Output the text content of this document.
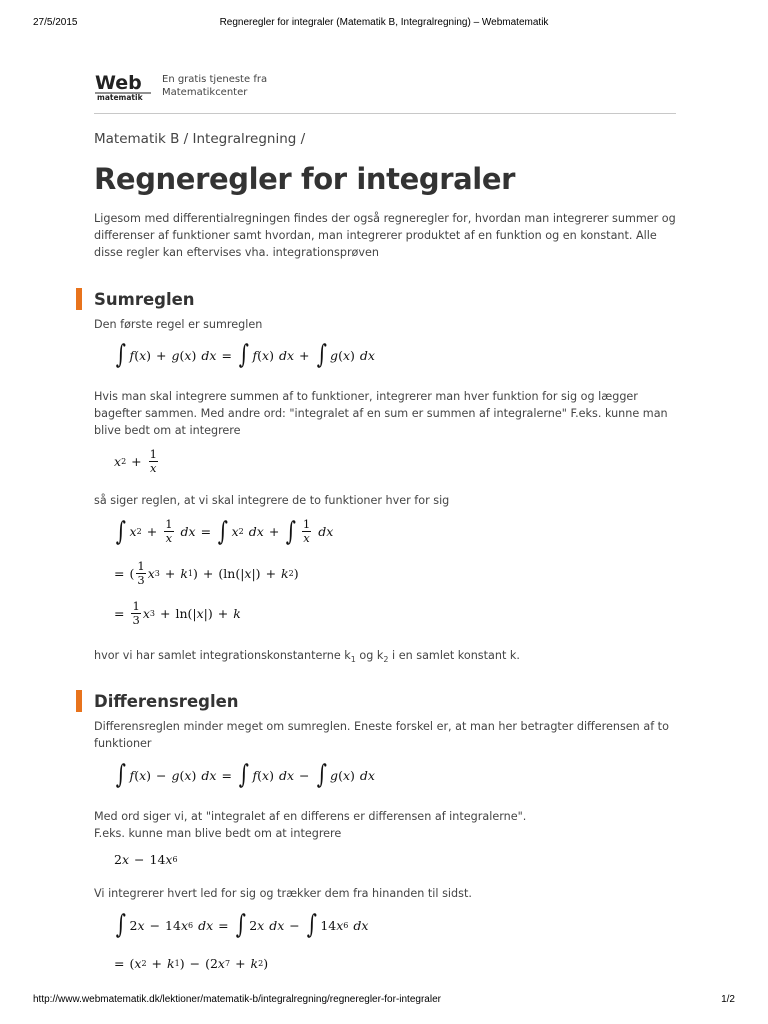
27/5/2015	Regneregler for integraler (Matematik B, Integralregning) – Webmatematik
Web
matematik
En gratis tjeneste fra
Matematikcenter
Matematik B / Integralregning /
Regneregler for integraler

Ligesom med differentialregningen findes der også regneregler for, hvordan man integrerer summer og differenser af funktioner samt hvordan, man integrerer produktet af en funktion og en konstant. Alle disse regler kan eftervises vha. integrationsprøven

Sumreglen

Den første regel er sumreglen

∫ f ( x ) + g ( x ) dx = ∫ f ( x ) dx + ∫ g ( x ) dx

Hvis man skal integrere summen af to funktioner, integrerer man hver funktion for sig og lægger bagefter sammen. Med andre ord: "integralet af en sum er summen af integralerne" F.eks. kunne man blive bedt om at integrere

x $2 + \frac{1}{x}$

så siger reglen, at vi skal integrere de to funktioner hver for sig

∫ x $2 + \frac{1}{x}$ dx = ∫ x 2 dx + ∫ $\frac{1}{x}$ dx
= ( $\frac{1}{3}$ x 3 + k 1 ) + (ln(| x |) + k 2 )
= $\frac{1}{3}$ x 3 + ln(| x |) + k

hvor vi har samlet integrationskonstanterne $k_1$ og $k_2$ i en samlet konstant k.

Differensreglen

Differensreglen minder meget om sumreglen. Eneste forskel er, at man her betragter differensen af to funktioner

∫ f ( x ) − g ( x ) dx = ∫ f ( x ) dx − ∫ g ( x ) dx

Med ord siger vi, at "integralet af en differens er differensen af integralerne".

F.eks. kunne man blive bedt om at integrere

2 x − 14 x 6

Vi integrerer hvert led for sig og trækker dem fra hinanden til sidst.

∫ 2 x − 14 x 6 dx = ∫ 2 x dx − ∫ 14 x 6 dx
= ( x 2 + k 1 ) − (2 x 7 + k 2 )
http://www.webmatematik.dk/lektioner/matematik-b/integralregning/regneregler-for-integraler	1/2
